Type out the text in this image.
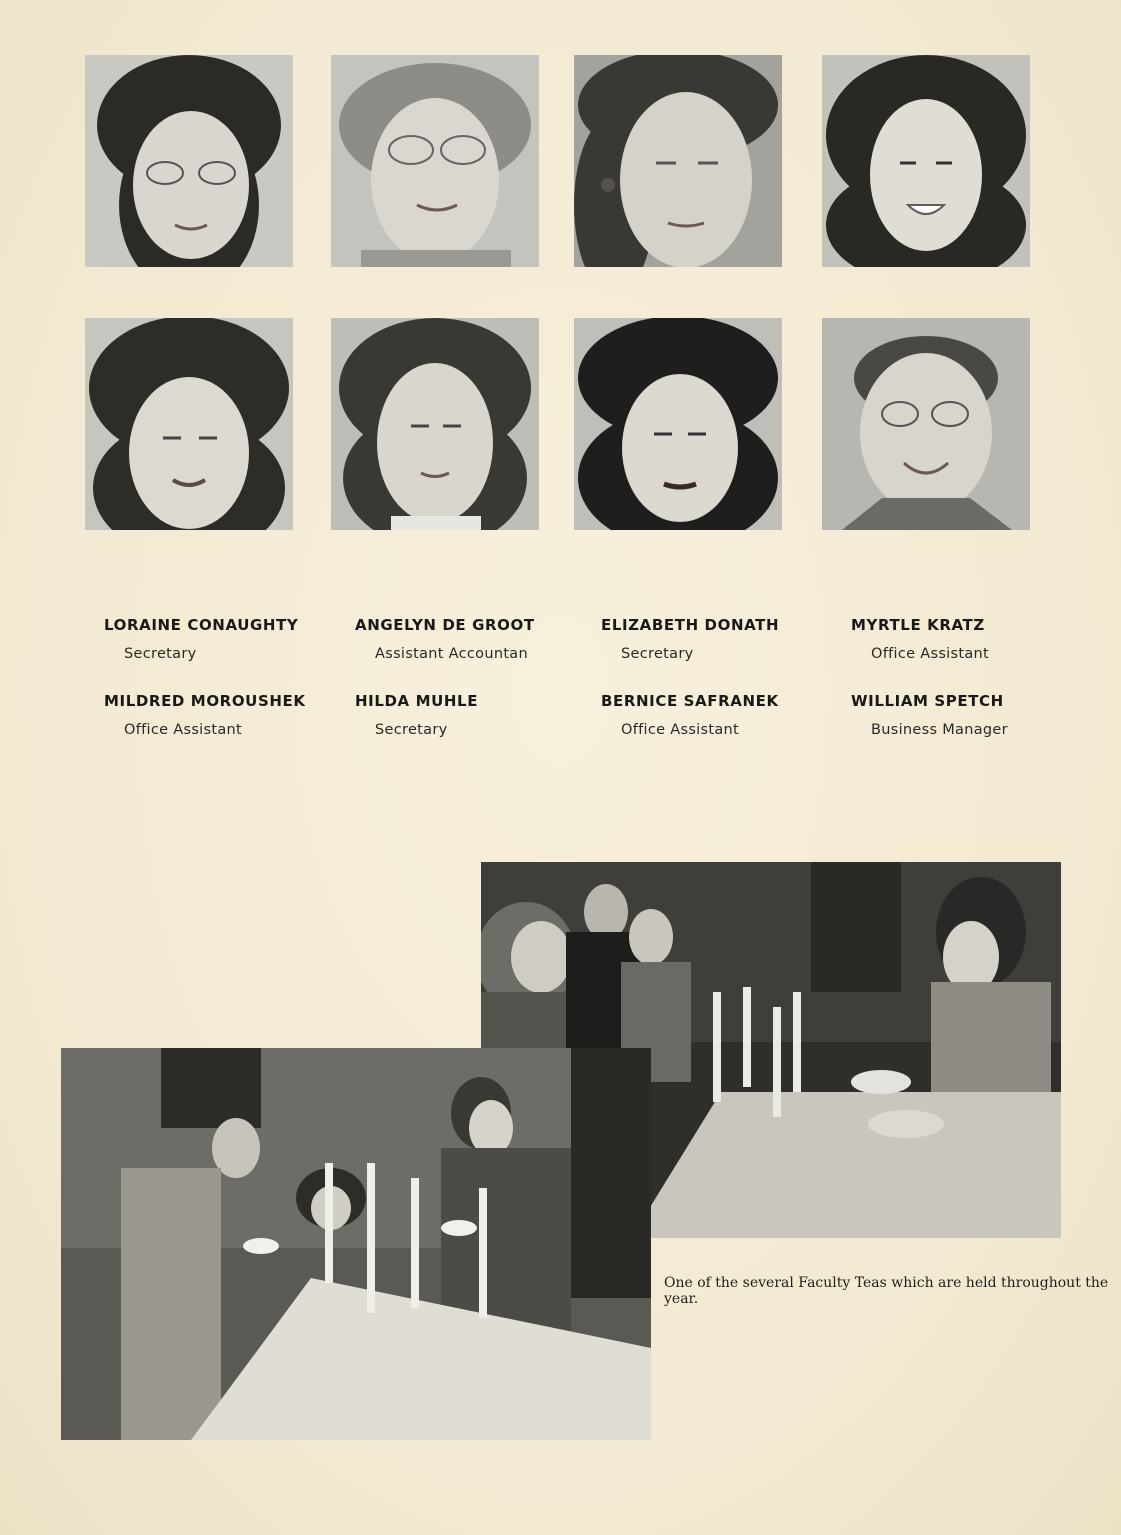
LORAINE CONAUGHTY
Secretary
ANGELYN DE GROOT
Assistant Accountan
ELIZABETH DONATH
Secretary
MYRTLE KRATZ
Office Assistant
MILDRED MOROUSHEK
Office Assistant
HILDA MUHLE
Secretary
BERNICE SAFRANEK
Office Assistant
WILLIAM SPETCH
Business Manager
One of the several Faculty Teas which are held throughout the year.
